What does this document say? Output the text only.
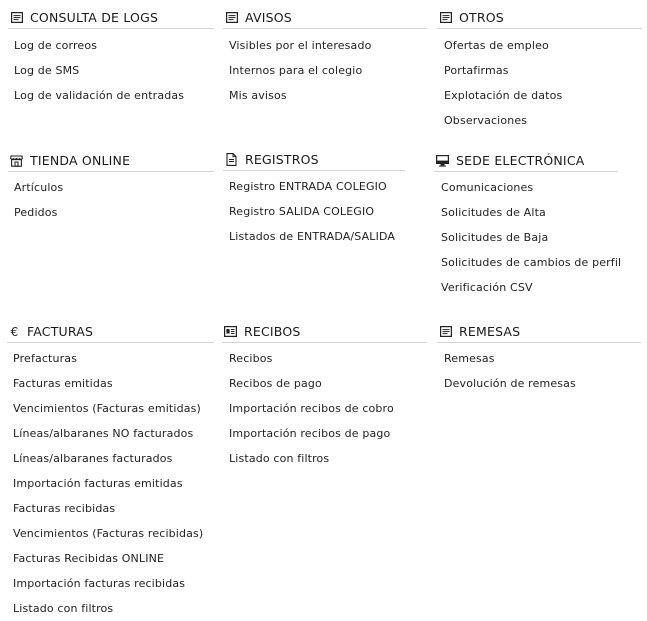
CONSULTA DE LOGS
Log de correos
Log de SMS
Log de validación de entradas
AVISOS
Visibles por el interesado
Internos para el colegio
Mis avisos
OTROS
Ofertas de empleo
Portafirmas
Explotación de datos
Observaciones
TIENDA ONLINE
Artículos
Pedidos
REGISTROS
Registro ENTRADA COLEGIO
Registro SALIDA COLEGIO
Listados de ENTRADA/SALIDA
SEDE ELECTRÓNICA
Comunicaciones
Solicitudes de Alta
Solicitudes de Baja
Solicitudes de cambios de perfil
Verificación CSV
€ FACTURAS
Prefacturas
Facturas emitidas
Vencimientos (Facturas emitidas)
Líneas/albaranes NO facturados
Líneas/albaranes facturados
Importación facturas emitidas
Facturas recibidas
Vencimientos (Facturas recibidas)
Facturas Recibidas ONLINE
Importación facturas recibidas
Listado con filtros
RECIBOS
Recibos
Recibos de pago
Importación recibos de cobro
Importación recibos de pago
Listado con filtros
REMESAS
Remesas
Devolución de remesas
